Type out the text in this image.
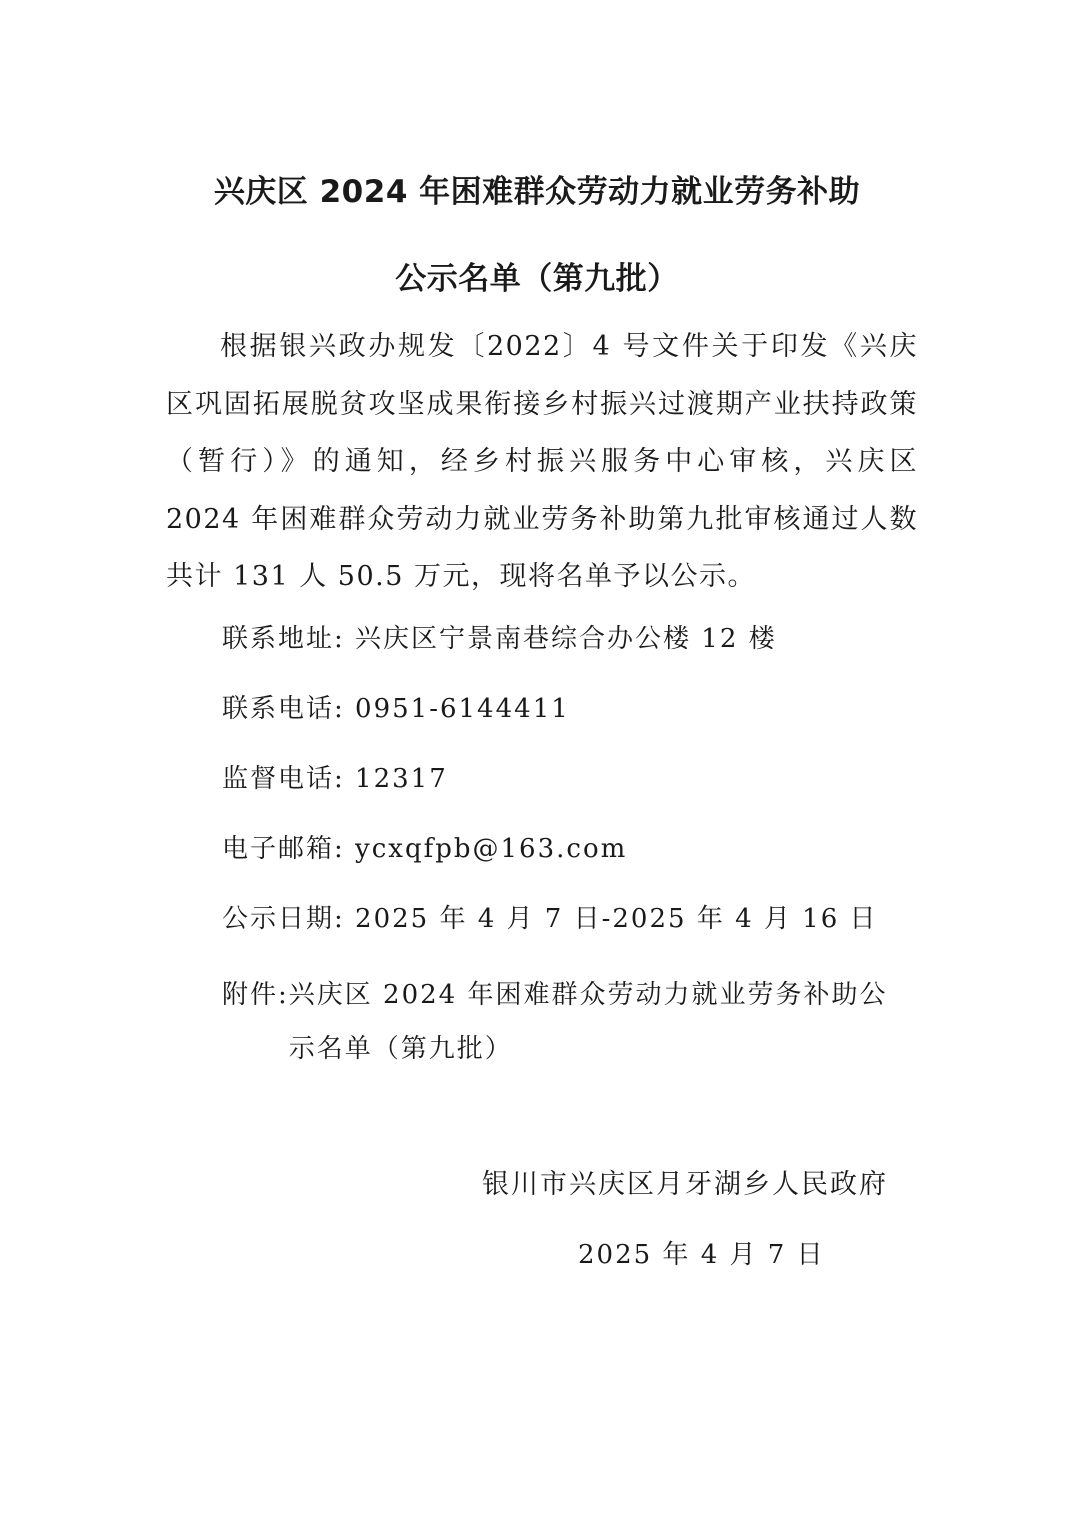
兴庆区 2024 年困难群众劳动力就业劳务补助
公示名单（第九批）

根据银兴政办规发〔2022〕4 号文件关于印发《兴庆区巩固拓展脱贫攻坚成果衔接乡村振兴过渡期产业扶持政策（暂行）》的通知，经乡村振兴服务中心审核，兴庆区 2024 年困难群众劳动力就业劳务补助第九批审核通过人数共计 131 人 50.5 万元，现将名单予以公示。

联系地址: 兴庆区宁景南巷综合办公楼 12 楼
联系电话: 0951-6144411
监督电话: 12317
电子邮箱: ycxqfpb@163.com
公示日期: 2025 年 4 月 7 日-2025 年 4 月 16 日
附件: 兴庆区 2024 年困难群众劳动力就业劳务补助公示名单（第九批）
银川市兴庆区月牙湖乡人民政府
2025 年 4 月 7 日
